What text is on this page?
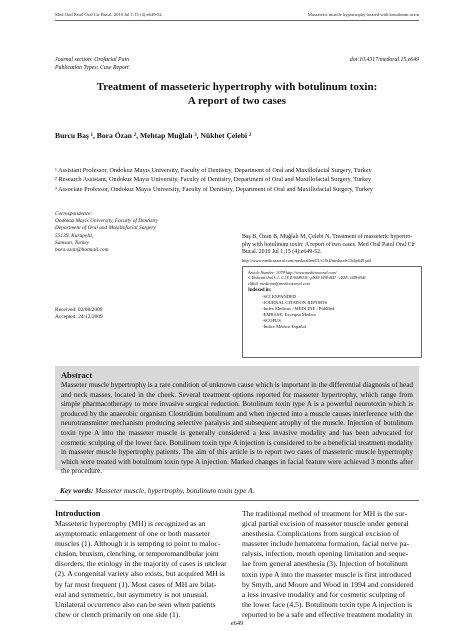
Med Oral Patol Oral Cir Bucal. 2010 Jul 1;15 (4):e649-52.	Masseteric muscle hypertrophy treated with botulinum toxin
Journal section: Orofacial Pain
Publication Types: Case Report
doi:10.4317/medoral.15.e649
Treatment of masseteric hypertrophy with botulinum toxin:
A report of two cases
Burcu Baş ¹, Bora Özan ², Mehtap Muğlalı ³, Nükhet Çelebi ²
¹ Assistant Professor, Ondokuz Mayıs University, Faculty of Dentistry, Department of Oral and Maxillofacial Surgery, Turkey
² Research Assistant, Ondokuz Mayıs University, Faculty of Dentistry, Department of Oral and Maxillofacial Surgery, Turkey
³ Associate Professor, Ondokuz Mayıs University, Faculty of Dentistry, Department of Oral and Maxillofacial Surgery, Turkey
Correspondence:
Ondokuz Mayis University, Faculty of Dentistry
Department of Oral and Maxillofacial Surgery
55139, Kurupelit,
Samsun, Turkey
bora.ozan@hotmail.com
Received: 02/08/2009
Accepted: 24/12/2009
Baş B, Özan B, Muğlalı M, Çelebi N. Treatment of masseteric hypertro-
phy with botulinum toxin: A report of two cases. Med Oral Patol Oral Cir
Bucal. 2010 Jul 1;15 (4):e649-52.
http://www.medicinaoral.com/medoralfree01/v15i4/medoralv15i4p649.pdf
Article Number: 3078 http://www.medicinaoral.com/
© Medicina Oral S. L. C.I.F. B 96689336 - pISSN 1698-4447 - eISSN: 1698-6946
eMail: medicina@medicinaoral.com
Indexed in:
-SCI EXPANDED
-JOURNAL CITATION REPORTS
-Index Medicus / MEDLINE / PubMed
-EMBASE, Excerpta Medica
-SCOPUS
-Índice Médico Español
Abstract
Masseter muscle hypertrophy is a rare condition of unknown cause which is important in the differential diagnosis of head and neck masses, located in the cheek. Several treatment options reported for masseter hypertrophy, which range from simple pharmacotherapy to more invasive surgical reduction. Botulinum toxin type A is a powerful neurotoxin which is produced by the anaerobic organism Clostridium botulinum and when injected into a muscle causes interference with the neurotransmitter mechanism producing selective paralysis and subsequent atrophy of the muscle. Injection of botulinum toxin type A into the masseter muscle is generally considered a less invasive modality and has been advocated for cosmetic sculpting of the lower face. Botulinum toxin type A injection is considered to be a beneficial treatment modality in masseter muscle hypertrophy patients. The aim of this article is to report two cases of masseteric muscle hypertrophy which were treated with botulinum toxin type A injection. Marked changes in facial feature were achieved 3 months after the procedure.
Key words: Masseter muscle, hypertrophy, botulinum toxin type A.
Introduction
Masseteric hypertrophy (MH) is recognized as an
asymptomatic enlargement of one or both masseter
muscles (1). Although it is tempting to point to maloc-
clusion, bruxism, clenching, or temporomandibular joint
disorders, the etiology in the majority of cases is unclear
(2). A congenital variety also exists, but acquired MH is
by far most frequent (1). Most cases of MH are bilat-
eral and symmetric, but asymmetry is not unusual.
Unilateral occurrence also can be seen when patients
chew or clench primarily on one side (1).
The traditional method of treatment for MH is the sur-
gical partial excision of masseter muscle under general
anesthesia. Complications from surgical excision of
masseter include hematoma formation, facial nerve pa-
ralysis, infection, mouth opening limitation and seque-
lae from general anesthesia (3). Injection of botulinum
toxin type A into the masseter muscle is first introduced
by Smyth, and Moore and Wood in 1994 and considered
a less invasive modality and for cosmetic sculpting of
the lower face (4,5). Botulinum toxin type A injection is
reported to be a safe and effective treatment modality in
e649
